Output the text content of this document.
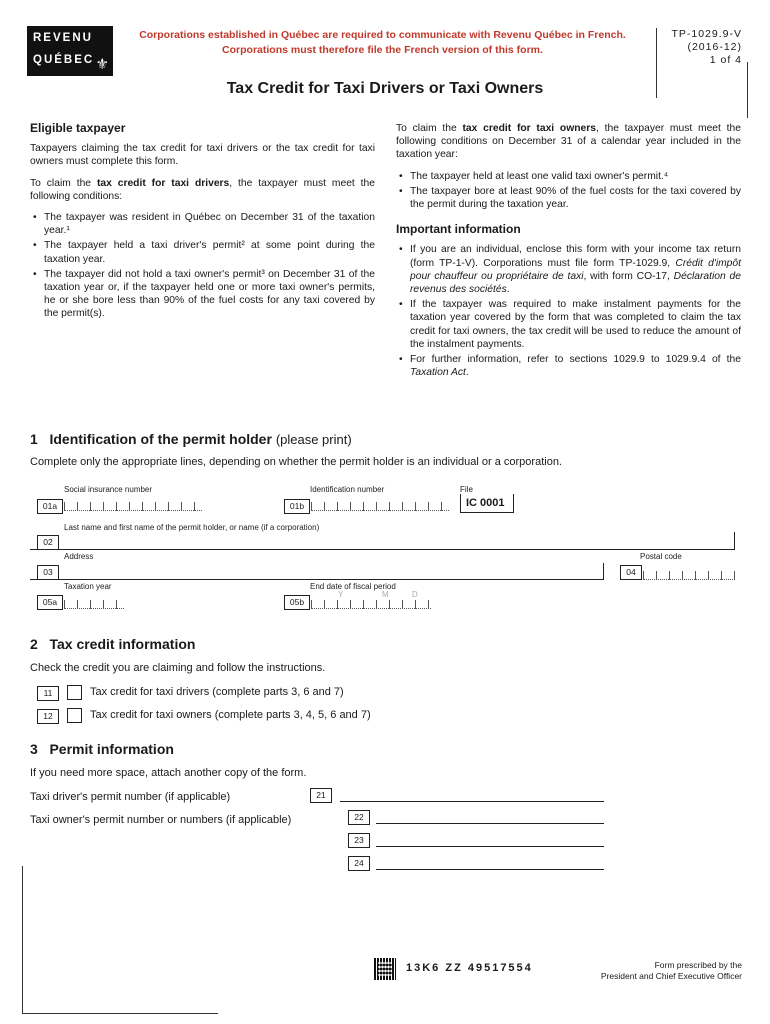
REVENU
QUÉBEC ⚜
Corporations established in Québec are required to communicate with Revenu Québec in French.
Corporations must therefore file the French version of this form.
TP-1029.9-V
(2016-12)
1 of 4
Tax Credit for Taxi Drivers or Taxi Owners
Eligible taxpayer

Taxpayers claiming the tax credit for taxi drivers or the tax credit for taxi owners must complete this form.

To claim the tax credit for taxi drivers, the taxpayer must meet the following conditions:

• The taxpayer was resident in Québec on December 31 of the taxation year.¹
• The taxpayer held a taxi driver's permit² at some point during the taxation year.
• The taxpayer did not hold a taxi owner's permit³ on December 31 of the taxation year or, if the taxpayer held one or more taxi owner's permits, he or she bore less than 90% of the fuel costs for any taxi covered by the permit(s).

To claim the tax credit for taxi owners, the taxpayer must meet the following conditions on December 31 of a calendar year included in the taxation year:

• The taxpayer held at least one valid taxi owner's permit.⁴
• The taxpayer bore at least 90% of the fuel costs for the taxi covered by the permit during the taxation year.
Important information
• If you are an individual, enclose this form with your income tax return (form TP-1-V). Corporations must file form TP-1029.9, Crédit d'impôt pour chauffeur ou propriétaire de taxi, with form CO-17, Déclaration de revenus des sociétés.
• If the taxpayer was required to make instalment payments for the taxation year covered by the form that was completed to claim the tax credit for taxi owners, the tax credit will be used to reduce the amount of the instalment payments.
• For further information, refer to sections 1029.9 to 1029.9.4 of the Taxation Act.
1 Identification of the permit holder (please print)
Complete only the appropriate lines, depending on whether the permit holder is an individual or a corporation.
Social insurance number
01a
Identification number
01b
File
IC 0001
Last name and first name of the permit holder, or name (if a corporation)
02
Address	Postal code
03	04
Taxation year
05a
End date of fiscal period
05b
Y	M	D
2 Tax credit information
Check the credit you are claiming and follow the instructions.
11	Tax credit for taxi drivers (complete parts 3, 6 and 7)
12	Tax credit for taxi owners (complete parts 3, 4, 5, 6 and 7)
3 Permit information
If you need more space, attach another copy of the form.
Taxi driver's permit number (if applicable)	21
Taxi owner's permit number or numbers (if applicable)	22
23
24
13K6 ZZ 49517554	Form prescribed by the
President and Chief Executive Officer
